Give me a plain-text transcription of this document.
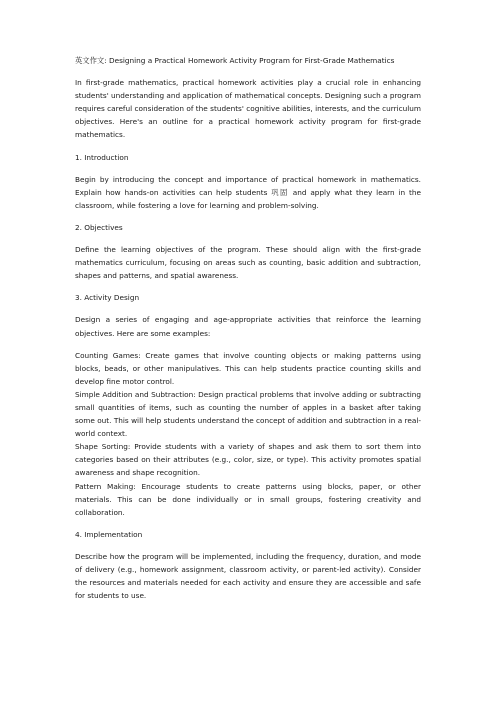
英文作文: Designing a Practical Homework Activity Program for First-Grade Mathematics

In first-grade mathematics, practical homework activities play a crucial role in enhancing students' understanding and application of mathematical concepts. Designing such a program requires careful consideration of the students' cognitive abilities, interests, and the curriculum objectives. Here's an outline for a practical homework activity program for first-grade mathematics.

1. Introduction

Begin by introducing the concept and importance of practical homework in mathematics. Explain how hands-on activities can help students 巩固 and apply what they learn in the classroom, while fostering a love for learning and problem-solving.

2. Objectives

Define the learning objectives of the program. These should align with the first-grade mathematics curriculum, focusing on areas such as counting, basic addition and subtraction, shapes and patterns, and spatial awareness.

3. Activity Design

Design a series of engaging and age-appropriate activities that reinforce the learning objectives. Here are some examples:

Counting Games: Create games that involve counting objects or making patterns using blocks, beads, or other manipulatives. This can help students practice counting skills and develop fine motor control.

Simple Addition and Subtraction: Design practical problems that involve adding or subtracting small quantities of items, such as counting the number of apples in a basket after taking some out. This will help students understand the concept of addition and subtraction in a real-world context.

Shape Sorting: Provide students with a variety of shapes and ask them to sort them into categories based on their attributes (e.g., color, size, or type). This activity promotes spatial awareness and shape recognition.

Pattern Making: Encourage students to create patterns using blocks, paper, or other materials. This can be done individually or in small groups, fostering creativity and collaboration.

4. Implementation

Describe how the program will be implemented, including the frequency, duration, and mode of delivery (e.g., homework assignment, classroom activity, or parent-led activity). Consider the resources and materials needed for each activity and ensure they are accessible and safe for students to use.
